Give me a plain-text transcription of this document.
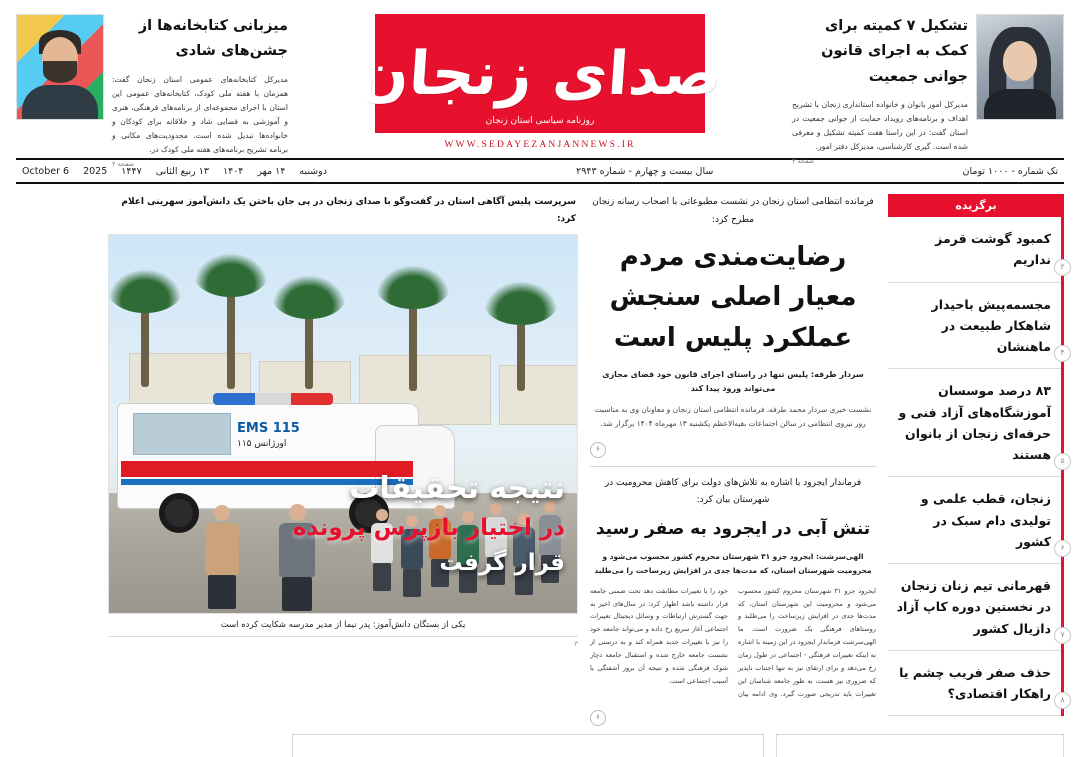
تشکیل ۷ کمیته برای کمک به اجرای قانون جوانی جمعیت
مدیرکل امور بانوان و خانواده استانداری زنجان با تشریح اهداف و برنامه‌های رویداد حمایت از جوانی جمعیت در استان گفت: در این راستا هفت کمیته تشکیل و معرفی شده است. گیری کارشناسی، مدیرکل دفتر امور.
صفحه ۳
صدای زنجان
روزنامه سیاسی استان زنجان
WWW.SEDAYEZANJANNEWS.IR
میزبانی کتابخانه‌ها از جشن‌های شادی
مدیرکل کتابخانه‌های عمومی استان زنجان گفت: همزمان با هفته ملی کودک، کتابخانه‌های عمومی این استان با اجرای مجموعه‌ای از برنامه‌های فرهنگی، هنری و آموزشی به فضایی شاد و خلاقانه برای کودکان و خانواده‌ها تبدیل شده است. محدودیت‌های مکانی و برنامه تشریح برنامه‌های هفته ملی کودک در.
صفحه ۲
تک شماره - ۱۰۰۰ تومان
سال بیست و چهارم - شماره ۲۹۴۳
دوشنبه
۱۴ مهر
۱۴۰۴
۱۳ ربیع الثانی
۱۴۴۷
2025
October 6
برگزیده
کمبود گوشت قرمز نداریم	۲
مجسمه‌پیش باحیدار شاهکار طبیعت در ماهنشان	۴
۸۳ درصد موسسان آموزشگاه‌های آزاد فنی و حرفه‌ای زنجان از بانوان هستند	۵
زنجان، قطب علمی و تولیدی دام سبک در کشور	۶
قهرمانی تیم زنان زنجان در نخستین دوره کاپ آزاد دازیال کشور	۷
حذف صفر فریب چشم یا راهکار اقتصادی؟	۸
فرمانده انتظامی استان زنجان در نشست مطبوعاتی با اصحاب رسانه زنجان مطرح کرد:
رضایت‌مندی مردم معیار اصلی سنجش عملکرد پلیس است
سردار طرفه: پلیس تنها در راستای اجرای قانون خود فضای مجازی می‌تواند ورود پیدا کند
نشست خبری سردار محمد طرفه، فرمانده انتظامی استان زنجان و معاونان وی به مناسبت روز نیروی انتظامی در سالن اجتماعات بقیه‌الاعظم یکشنبه ۱۳ مهرماه ۱۴۰۴ برگزار شد.
۶
فرماندار ایجرود با اشاره به تلاش‌های دولت برای کاهش محرومیت در شهرستان بیان کرد:
تنش آبی در ایجرود به صفر رسید
الهی‌سرشت: ایجرود جزو ۳۱ شهرستان محروم کشور محسوب می‌شود و محرومیت شهرستان استان، که مدت‌ها جدی در افزایش زیرساخت را می‌طلبد
ایجرود جزو ۳۱ شهرستان محروم کشور محسوب می‌شود و محرومیت این شهرستان استان، که مدت‌ها جدی در افزایش زیرساخت را می‌طلبد و روستاهای فرهنگی یک ضرورت است. ما الهی‌سرشت فرماندار ایجرود در این زمینه با اشاره به اینکه تغییرات فرهنگی - اجتماعی در طول زمان رخ می‌دهد و برای ارتقای نیز به تنها اجتناب ناپذیر که ضروری نیز هست، به طور جامعه شناسان این تغییرات باید تدریجی صورت گیرد. وی ادامه بیان خود را با تغییرات مطابقت دهد تحت ضمنی جامعه قرار داشته باشد اظهار کرد: در سال‌های اخیر به جهت گسترش ارتباطات و وسائل دیجیتال تغییرات اجتماعی آغاز سریع رخ داده و می‌تواند جامعه خود را نیز با تغییرات جدید همراه کند و به درستی از نشست جامعه خارج شده و استقبال جامعه دچار شوک فرهنگی شده و نتیجه آن بروز آشفتگی یا آسیب اجتماعی است.
۶
سرپرست پلیس آگاهی استان در گفت‌وگو با صدای زنجان در پی جان باختن یک دانش‌آموز سهرینی اعلام کرد:
EMS 115
اورژانس ۱۱۵
نتیجه تحقیقات
در اختیار بازپرس پرونده
قرار گرفت
یکی از بستگان دانش‌آموز: پدر نیما از مدیر مدرسه شکایت کرده است
۳
